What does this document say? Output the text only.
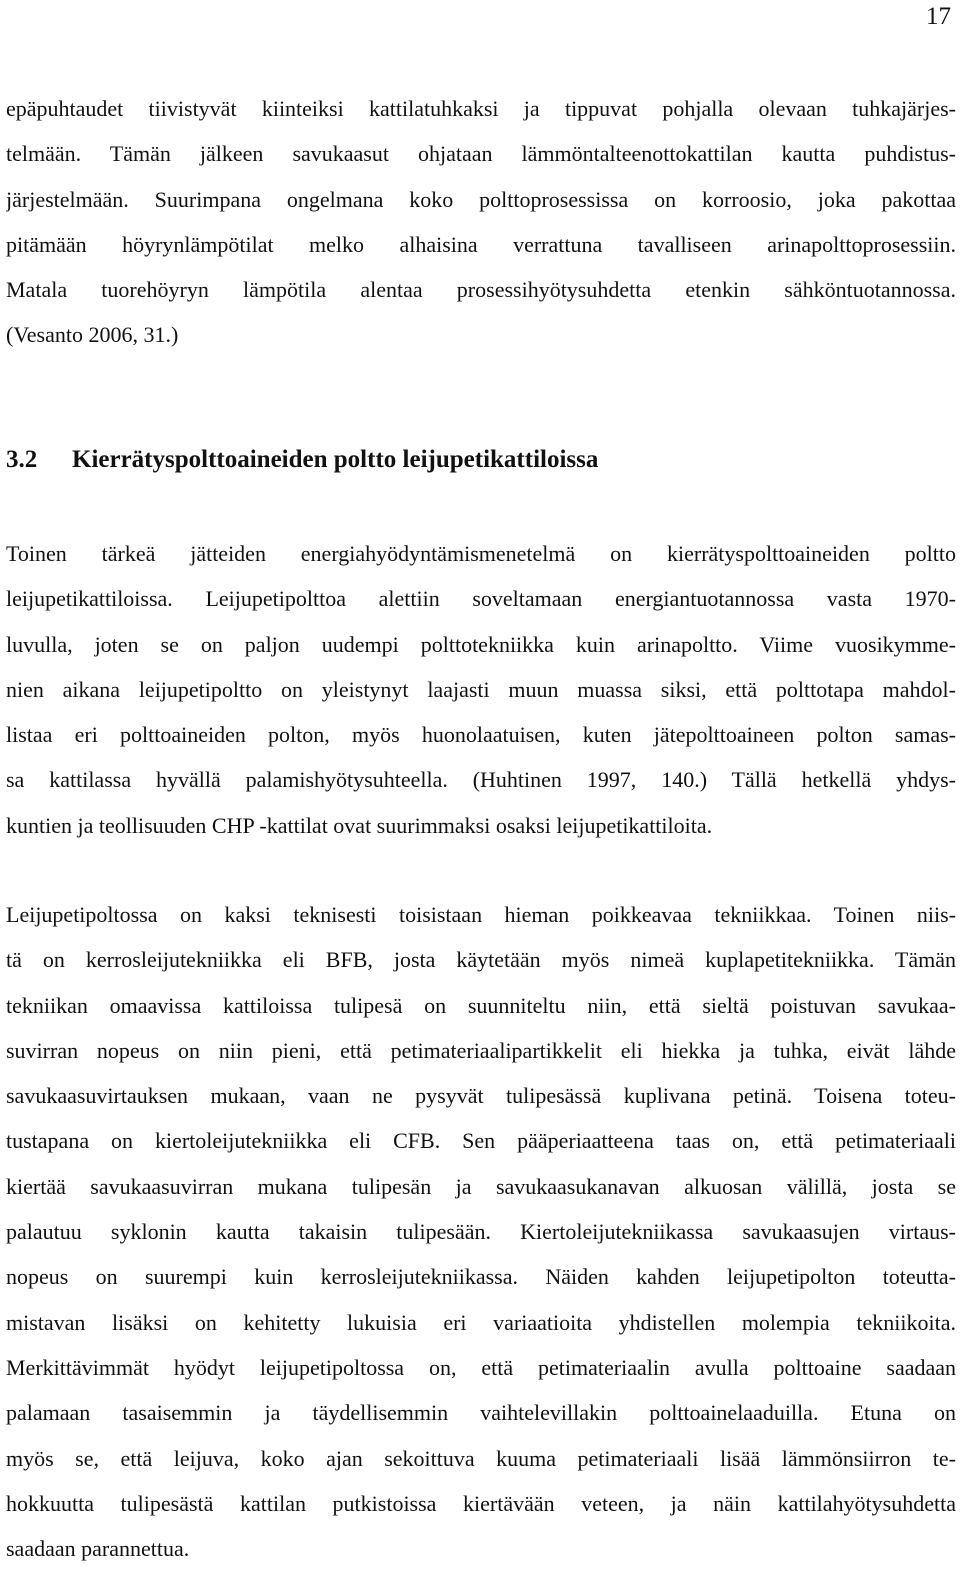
17
epäpuhtaudet tiivistyvät kiinteiksi kattilatuhkaksi ja tippuvat pohjalla olevaan tuhkajärjes-
telmään. Tämän jälkeen savukaasut ohjataan lämmöntalteenottokattilan kautta puhdistus-
järjestelmään. Suurimpana ongelmana koko polttoprosessissa on korroosio, joka pakottaa
pitämään höyrynlämpötilat melko alhaisina verrattuna tavalliseen arinapolttoprosessiin.
Matala tuorehöyryn lämpötila alentaa prosessihyötysuhdetta etenkin sähköntuotannossa.
(Vesanto 2006, 31.)
3.2 Kierrätyspolttoaineiden poltto leijupetikattiloissa
Toinen tärkeä jätteiden energiahyödyntämismenetelmä on kierrätyspolttoaineiden poltto
leijupetikattiloissa. Leijupetipolttoa alettiin soveltamaan energiantuotannossa vasta 1970-
luvulla, joten se on paljon uudempi polttotekniikka kuin arinapoltto. Viime vuosikymme-
nien aikana leijupetipoltto on yleistynyt laajasti muun muassa siksi, että polttotapa mahdol-
listaa eri polttoaineiden polton, myös huonolaatuisen, kuten jätepolttoaineen polton samas-
sa kattilassa hyvällä palamishyötysuhteella. (Huhtinen 1997, 140.) Tällä hetkellä yhdys-
kuntien ja teollisuuden CHP -kattilat ovat suurimmaksi osaksi leijupetikattiloita.
Leijupetipoltossa on kaksi teknisesti toisistaan hieman poikkeavaa tekniikkaa. Toinen niis-
tä on kerrosleijutekniikka eli BFB, josta käytetään myös nimeä kuplapetitekniikka. Tämän
tekniikan omaavissa kattiloissa tulipesä on suunniteltu niin, että sieltä poistuvan savukaa-
suvirran nopeus on niin pieni, että petimateriaalipartikkelit eli hiekka ja tuhka, eivät lähde
savukaasuvirtauksen mukaan, vaan ne pysyvät tulipesässä kuplivana petinä. Toisena toteu-
tustapana on kiertoleijutekniikka eli CFB. Sen pääperiaatteena taas on, että petimateriaali
kiertää savukaasuvirran mukana tulipesän ja savukaasukanavan alkuosan välillä, josta se
palautuu syklonin kautta takaisin tulipesään. Kiertoleijutekniikassa savukaasujen virtaus-
nopeus on suurempi kuin kerrosleijutekniikassa. Näiden kahden leijupetipolton toteutta-
mistavan lisäksi on kehitetty lukuisia eri variaatioita yhdistellen molempia tekniikoita.
Merkittävimmät hyödyt leijupetipoltossa on, että petimateriaalin avulla polttoaine saadaan
palamaan tasaisemmin ja täydellisemmin vaihtelevillakin polttoainelaaduilla. Etuna on
myös se, että leijuva, koko ajan sekoittuva kuuma petimateriaali lisää lämmönsiirron te-
hokkuutta tulipesästä kattilan putkistoissa kiertävään veteen, ja näin kattilahyötysuhdetta
saadaan parannettua.
